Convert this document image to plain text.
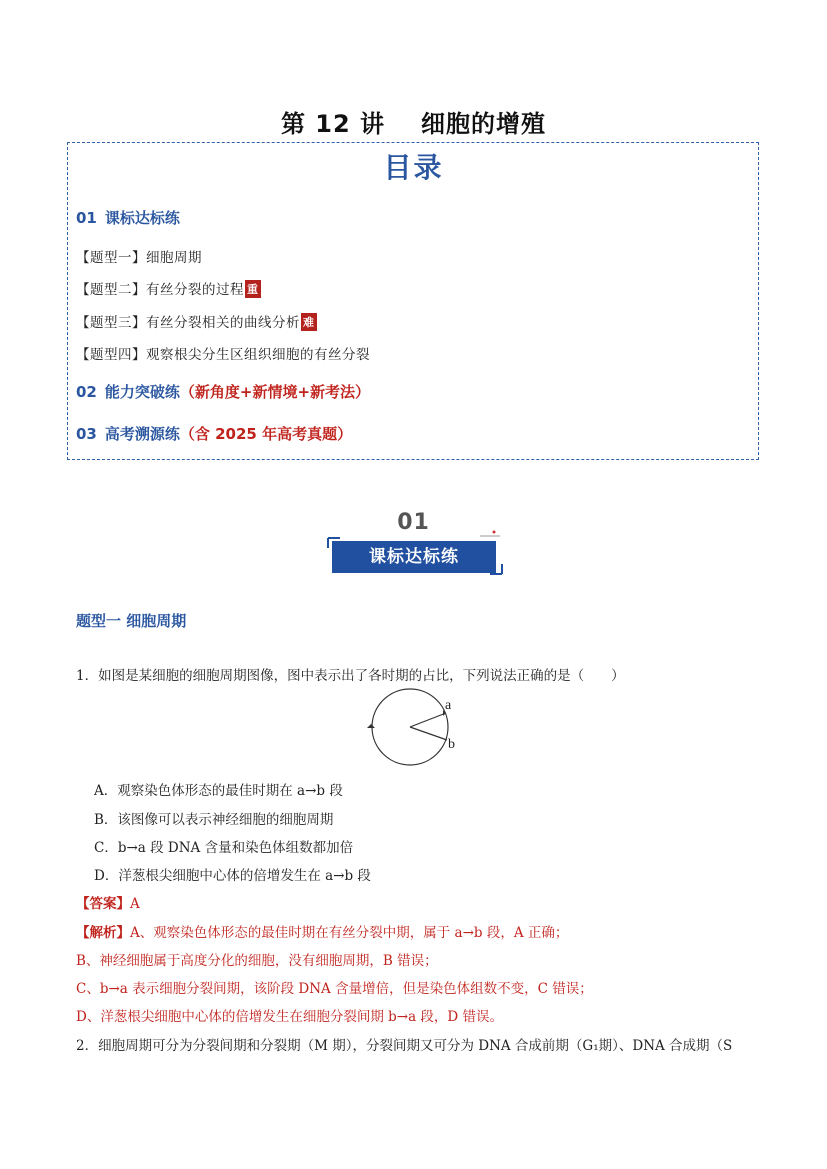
第 12 讲 细胞的增殖
目录
01 课标达标练
【题型一】细胞周期
【题型二】有丝分裂的过程 重
【题型三】有丝分裂相关的曲线分析 难
【题型四】观察根尖分生区组织细胞的有丝分裂
02 能力突破练（新角度+新情境+新考法）
03 高考溯源练（含 2025 年高考真题）
01
课标达标练
题型一 细胞周期
1．如图是某细胞的细胞周期图像，图中表示出了各时期的占比，下列说法正确的是（　　）
a
b
A．观察染色体形态的最佳时期在 a→b 段
B．该图像可以表示神经细胞的细胞周期
C．b→a 段 DNA 含量和染色体组数都加倍
D．洋葱根尖细胞中心体的倍增发生在 a→b 段
【答案】A
【解析】A、观察染色体形态的最佳时期在有丝分裂中期，属于 a→b 段，A 正确；
B、神经细胞属于高度分化的细胞，没有细胞周期，B 错误；
C、b→a 表示细胞分裂间期，该阶段 DNA 含量增倍，但是染色体组数不变，C 错误；
D、洋葱根尖细胞中心体的倍增发生在细胞分裂间期 b→a 段，D 错误。
2．细胞周期可分为分裂间期和分裂期（M 期），分裂间期又可分为 DNA 合成前期（G₁期）、DNA 合成期（S
